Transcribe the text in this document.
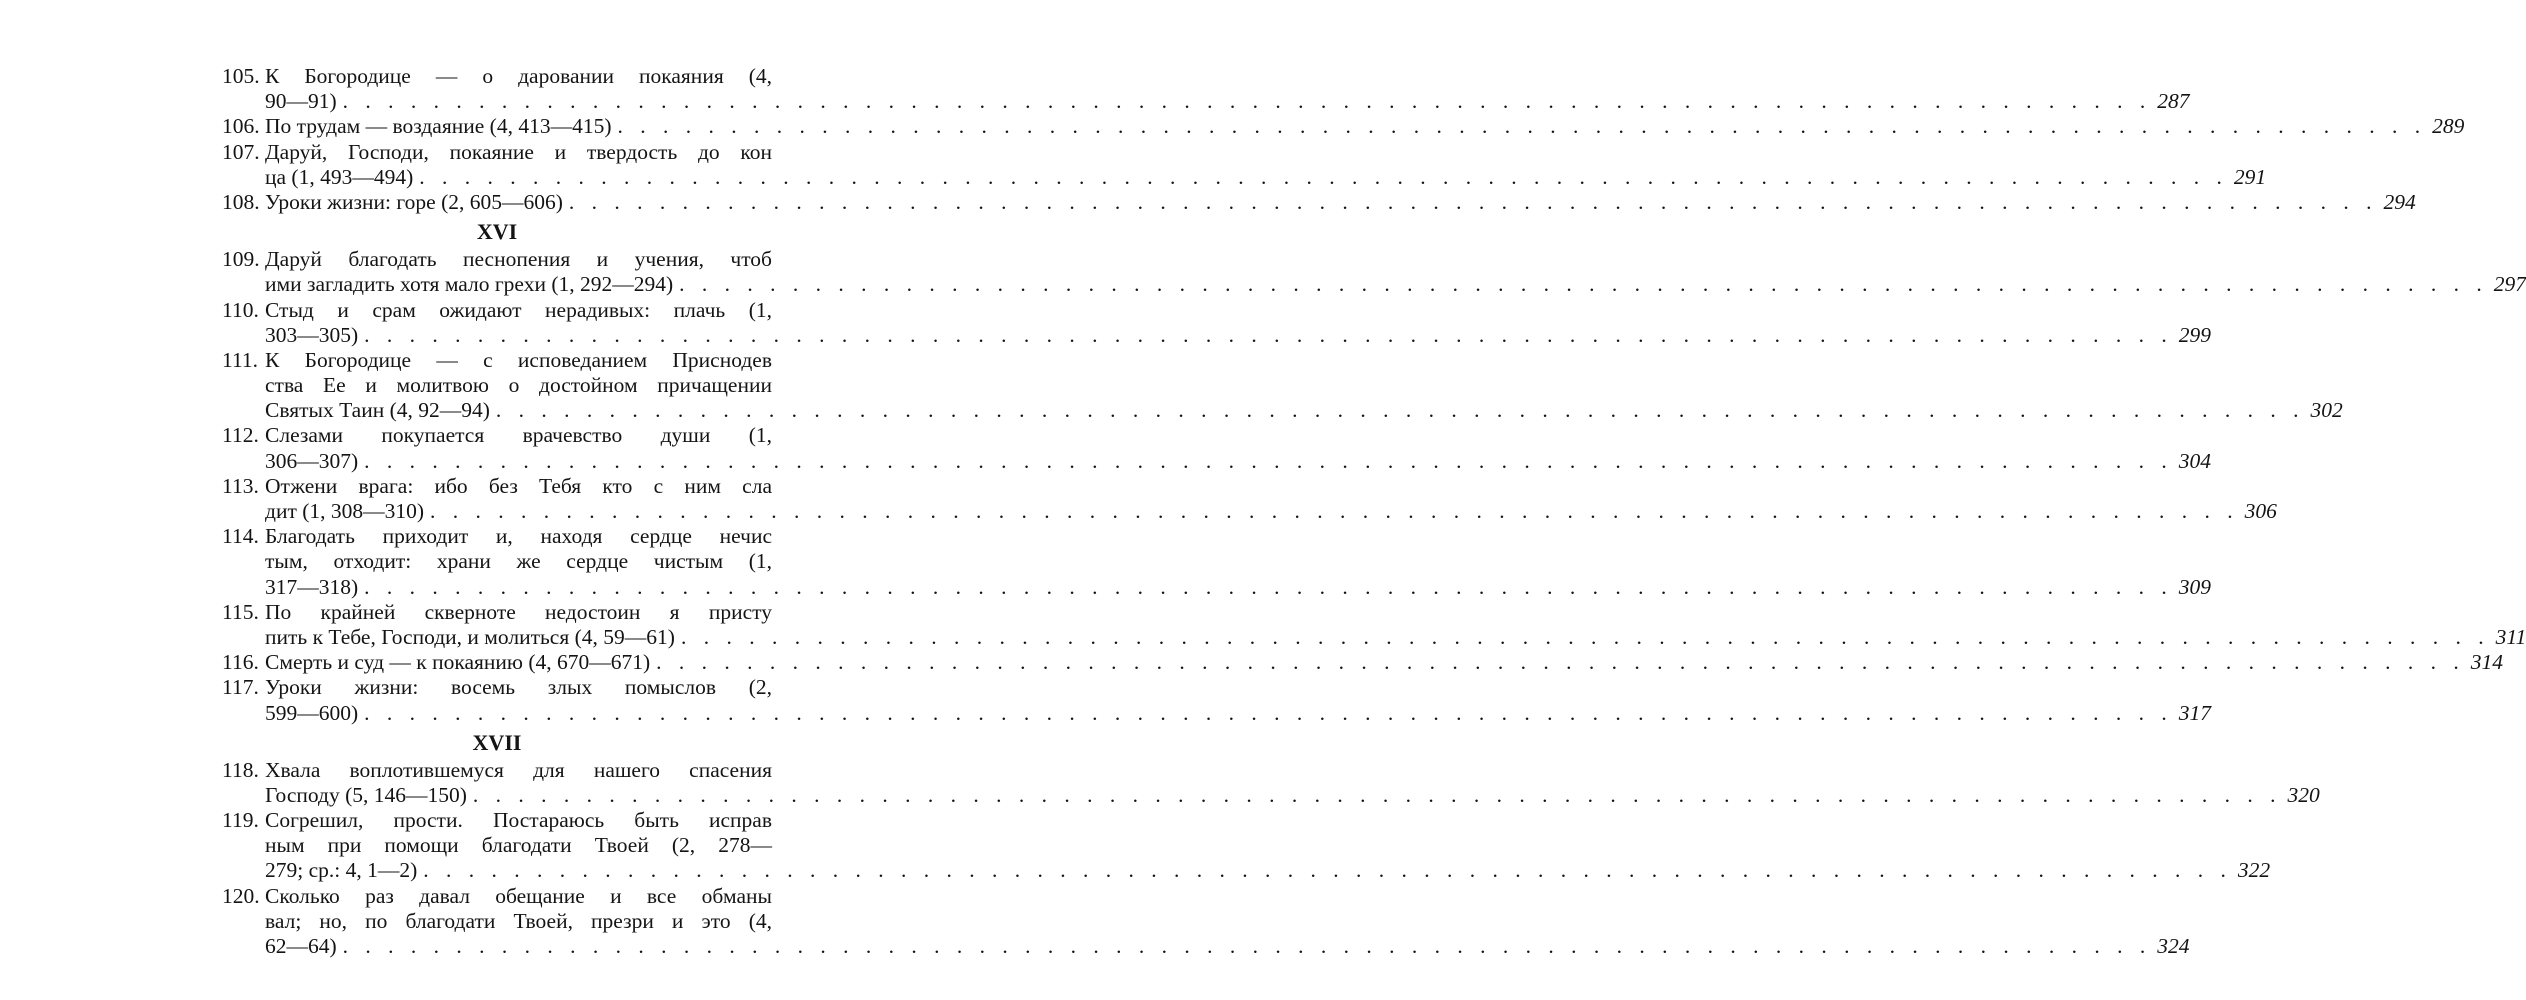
105. К Богородице — о даровании покаяния (4,
90—91) . . . . . . . . . . . . . . . . . . . . . . . . . . . . . . . . . . . . . . . . . . . . . . . . . . . . . . . . . . . . . . . . . . . . . . . . . . . . . . . . 287
106. По трудам — воздаяние (4, 413—415) . . . . . . . . . . . . . . . . . . . . . . . . . . . . . . . . . . . . . . . . . . . . . . . . . . . . . . . . . . . . . . . . . . . . . . . . . . . . . . . . 289
107. Даруй, Господи, покаяние и твердость до кон
ца (1, 493—494) . . . . . . . . . . . . . . . . . . . . . . . . . . . . . . . . . . . . . . . . . . . . . . . . . . . . . . . . . . . . . . . . . . . . . . . . . . . . . . . . 291
108. Уроки жизни: горе (2, 605—606) . . . . . . . . . . . . . . . . . . . . . . . . . . . . . . . . . . . . . . . . . . . . . . . . . . . . . . . . . . . . . . . . . . . . . . . . . . . . . . . . 294
XVI
109. Даруй благодать песнопения и учения, чтоб
ими загладить хотя мало грехи (1, 292—294) . . . . . . . . . . . . . . . . . . . . . . . . . . . . . . . . . . . . . . . . . . . . . . . . . . . . . . . . . . . . . . . . . . . . . . . . . . . . . . . . 297
110. Стыд и срам ожидают нерадивых: плачь (1,
303—305) . . . . . . . . . . . . . . . . . . . . . . . . . . . . . . . . . . . . . . . . . . . . . . . . . . . . . . . . . . . . . . . . . . . . . . . . . . . . . . . . 299
111. К Богородице — с исповеданием Приснодев
ства Ее и молитвою о достойном причащении
Святых Таин (4, 92—94) . . . . . . . . . . . . . . . . . . . . . . . . . . . . . . . . . . . . . . . . . . . . . . . . . . . . . . . . . . . . . . . . . . . . . . . . . . . . . . . . 302
112. Слезами покупается врачевство души (1,
306—307) . . . . . . . . . . . . . . . . . . . . . . . . . . . . . . . . . . . . . . . . . . . . . . . . . . . . . . . . . . . . . . . . . . . . . . . . . . . . . . . . 304
113. Отжени врага: ибо без Тебя кто с ним сла
дит (1, 308—310) . . . . . . . . . . . . . . . . . . . . . . . . . . . . . . . . . . . . . . . . . . . . . . . . . . . . . . . . . . . . . . . . . . . . . . . . . . . . . . . . 306
114. Благодать приходит и, находя сердце нечис
тым, отходит: храни же сердце чистым (1,
317—318) . . . . . . . . . . . . . . . . . . . . . . . . . . . . . . . . . . . . . . . . . . . . . . . . . . . . . . . . . . . . . . . . . . . . . . . . . . . . . . . . 309
115. По крайней скверноте недостоин я присту
пить к Тебе, Господи, и молиться (4, 59—61) . . . . . . . . . . . . . . . . . . . . . . . . . . . . . . . . . . . . . . . . . . . . . . . . . . . . . . . . . . . . . . . . . . . . . . . . . . . . . . . . 311
116. Смерть и суд — к покаянию (4, 670—671) . . . . . . . . . . . . . . . . . . . . . . . . . . . . . . . . . . . . . . . . . . . . . . . . . . . . . . . . . . . . . . . . . . . . . . . . . . . . . . . . 314
117. Уроки жизни: восемь злых помыслов (2,
599—600) . . . . . . . . . . . . . . . . . . . . . . . . . . . . . . . . . . . . . . . . . . . . . . . . . . . . . . . . . . . . . . . . . . . . . . . . . . . . . . . . 317
XVII
118. Хвала воплотившемуся для нашего спасения
Господу (5, 146—150) . . . . . . . . . . . . . . . . . . . . . . . . . . . . . . . . . . . . . . . . . . . . . . . . . . . . . . . . . . . . . . . . . . . . . . . . . . . . . . . . 320
119. Согрешил, прости. Постараюсь быть исправ
ным при помощи благодати Твоей (2, 278—
279; ср.: 4, 1—2) . . . . . . . . . . . . . . . . . . . . . . . . . . . . . . . . . . . . . . . . . . . . . . . . . . . . . . . . . . . . . . . . . . . . . . . . . . . . . . . . 322
120. Сколько раз давал обещание и все обманы
вал; но, по благодати Твоей, презри и это (4,
62—64) . . . . . . . . . . . . . . . . . . . . . . . . . . . . . . . . . . . . . . . . . . . . . . . . . . . . . . . . . . . . . . . . . . . . . . . . . . . . . . . . 324
